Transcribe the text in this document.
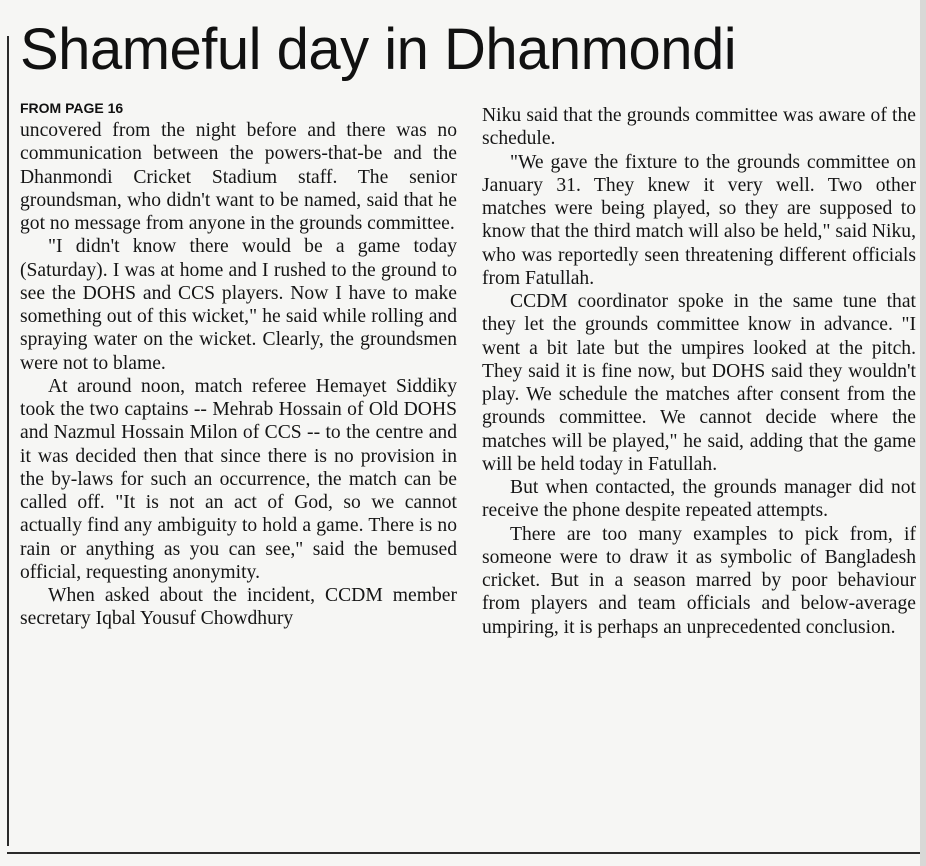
Shameful day in Dhanmondi
FROM PAGE 16

uncovered from the night before and there was no communication between the powers-that-be and the Dhanmondi Cricket Stadium staff. The senior groundsman, who didn't want to be named, said that he got no message from anyone in the grounds committee.

"I didn't know there would be a game today (Saturday). I was at home and I rushed to the ground to see the DOHS and CCS players. Now I have to make something out of this wicket," he said while rolling and spraying water on the wicket. Clearly, the groundsmen were not to blame.

At around noon, match referee Hemayet Siddiky took the two captains -- Mehrab Hossain of Old DOHS and Nazmul Hossain Milon of CCS -- to the centre and it was decided then that since there is no provision in the by-laws for such an occurrence, the match can be called off. "It is not an act of God, so we cannot actually find any ambiguity to hold a game. There is no rain or anything as you can see," said the bemused official, requesting anonymity.

When asked about the incident, CCDM member secretary Iqbal Yousuf Chowdhury

Niku said that the grounds committee was aware of the schedule.

"We gave the fixture to the grounds committee on January 31. They knew it very well. Two other matches were being played, so they are supposed to know that the third match will also be held," said Niku, who was reportedly seen threatening different officials from Fatullah.

CCDM coordinator spoke in the same tune that they let the grounds committee know in advance. "I went a bit late but the umpires looked at the pitch. They said it is fine now, but DOHS said they wouldn't play. We schedule the matches after consent from the grounds committee. We cannot decide where the matches will be played," he said, adding that the game will be held today in Fatullah.

But when contacted, the grounds manager did not receive the phone despite repeated attempts.

There are too many examples to pick from, if someone were to draw it as symbolic of Bangladesh cricket. But in a season marred by poor behaviour from players and team officials and below-average umpiring, it is perhaps an unprecedented conclusion.
